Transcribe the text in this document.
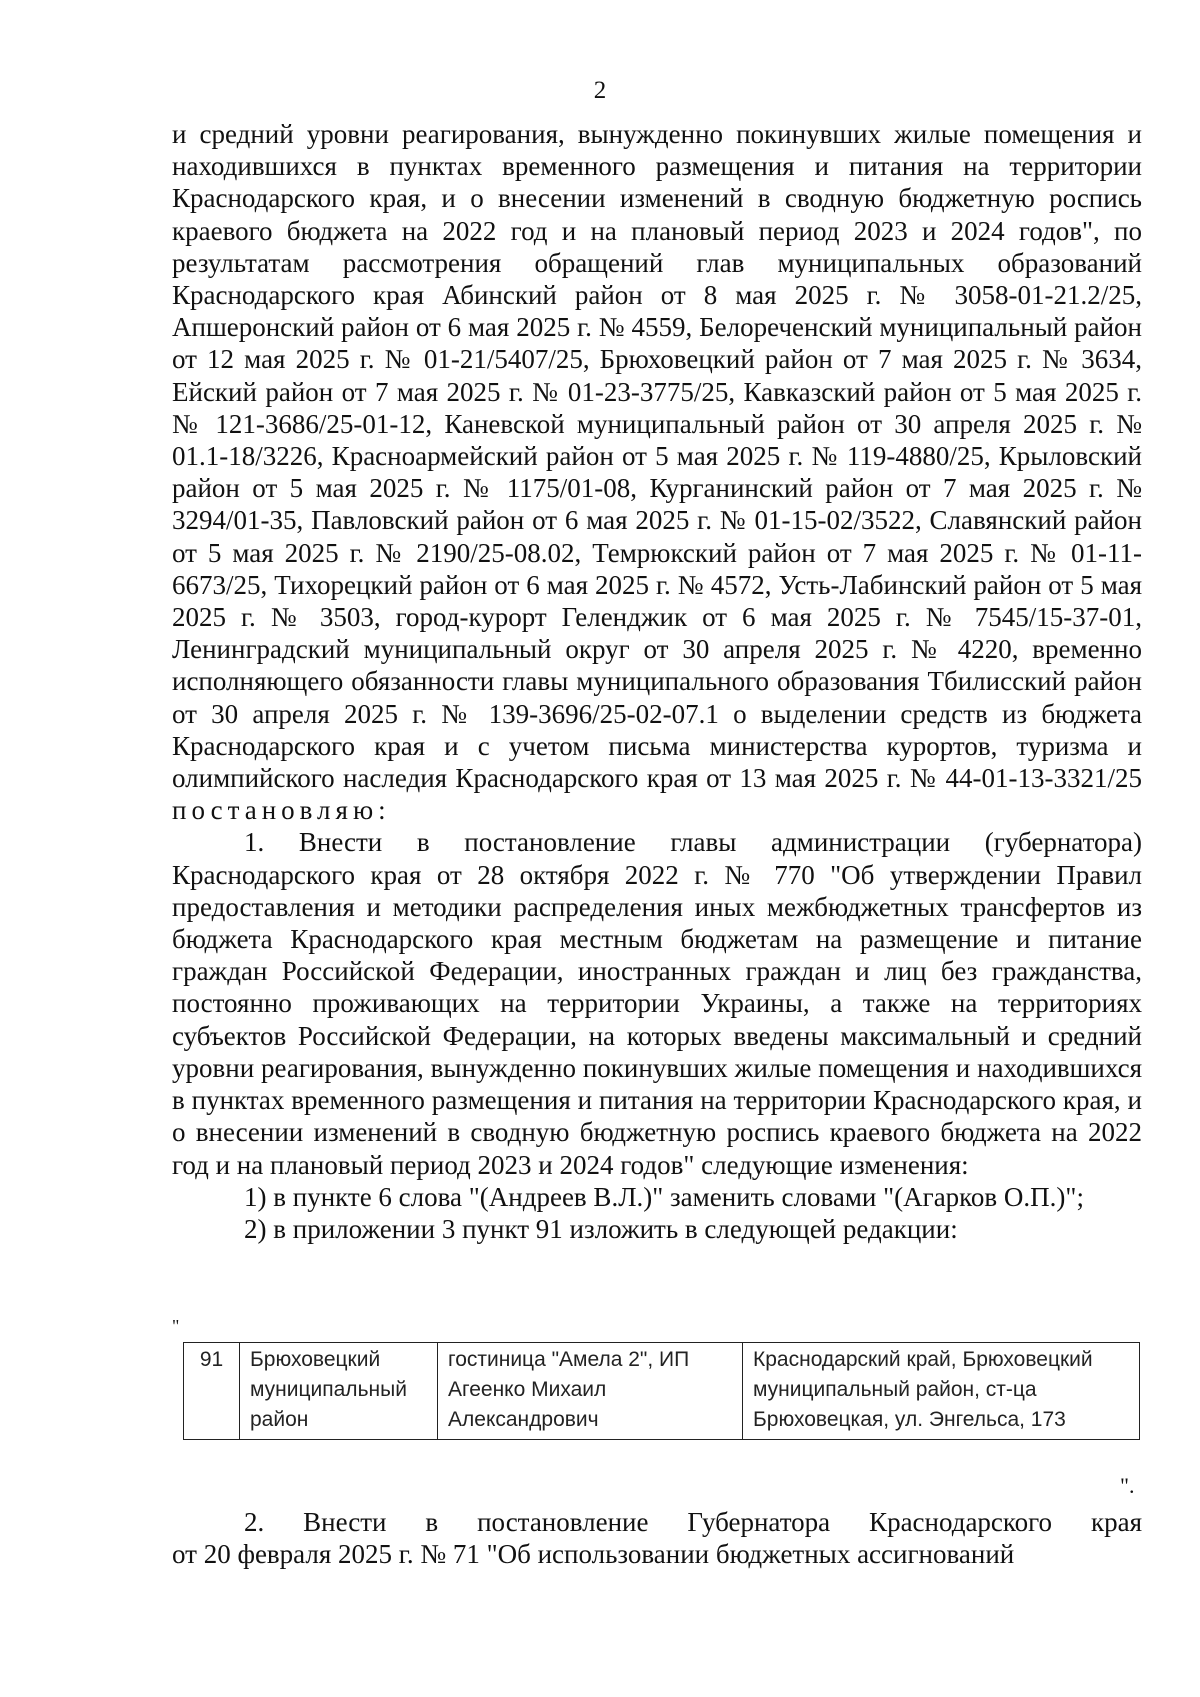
2

и средний уровни реагирования, вынужденно покинувших жилые помещения и находившихся в пунктах временного размещения и питания на территории Краснодарского края, и о внесении изменений в сводную бюджетную роспись краевого бюджета на 2022 год и на плановый период 2023 и 2024 годов", по результатам рассмотрения обращений глав муниципальных образований Краснодарского края Абинский район от 8 мая 2025 г. № 3058-01-21.2/25, Апшеронский район от 6 мая 2025 г. № 4559, Белореченский муниципальный район от 12 мая 2025 г. № 01-21/5407/25, Брюховецкий район от 7 мая 2025 г. № 3634, Ейский район от 7 мая 2025 г. № 01-23-3775/25, Кавказский район от 5 мая 2025 г. № 121-3686/25-01-12, Каневской муниципальный район от 30 апреля 2025 г. № 01.1-18/3226, Красноармейский район от 5 мая 2025 г. № 119-4880/25, Крыловский район от 5 мая 2025 г. № 1175/01-08, Курганинский район от 7 мая 2025 г. № 3294/01-35, Павловский район от 6 мая 2025 г. № 01-15-02/3522, Славянский район от 5 мая 2025 г. № 2190/25-08.02, Темрюкский район от 7 мая 2025 г. № 01-11-6673/25, Тихорецкий район от 6 мая 2025 г. № 4572, Усть-Лабинский район от 5 мая 2025 г. № 3503, город-курорт Геленджик от 6 мая 2025 г. № 7545/15-37-01, Ленинградский муниципальный округ от 30 апреля 2025 г. № 4220, временно исполняющего обязанности главы муниципального образования Тбилисский район от 30 апреля 2025 г. № 139-3696/25-02-07.1 о выделении средств из бюджета Краснодарского края и с учетом письма министерства курортов, туризма и олимпийского наследия Краснодарского края от 13 мая 2025 г. № 44-01-13-3321/25 постановляю:

1. Внести в постановление главы администрации (губернатора) Краснодарского края от 28 октября 2022 г. № 770 "Об утверждении Правил предоставления и методики распределения иных межбюджетных трансфертов из бюджета Краснодарского края местным бюджетам на размещение и питание граждан Российской Федерации, иностранных граждан и лиц без гражданства, постоянно проживающих на территории Украины, а также на территориях субъектов Российской Федерации, на которых введены максимальный и средний уровни реагирования, вынужденно покинувших жилые помещения и находившихся в пунктах временного размещения и питания на территории Краснодарского края, и о внесении изменений в сводную бюджетную роспись краевого бюджета на 2022 год и на плановый период 2023 и 2024 годов" следующие изменения:

1) в пункте 6 слова "(Андреев В.Л.)" заменить словами "(Агарков О.П.)";

2) в приложении 3 пункт 91 изложить в следующей редакции:

"
91	Брюховецкий муниципальный район	гостиница "Амела 2", ИП Агеенко Михаил Александрович	Краснодарский край, Брюховецкий муниципальный район, ст-ца Брюховецкая, ул. Энгельса, 173
".

2. Внести в постановление Губернатора Краснодарского края

от 20 февраля 2025 г. № 71 "Об использовании бюджетных ассигнований
